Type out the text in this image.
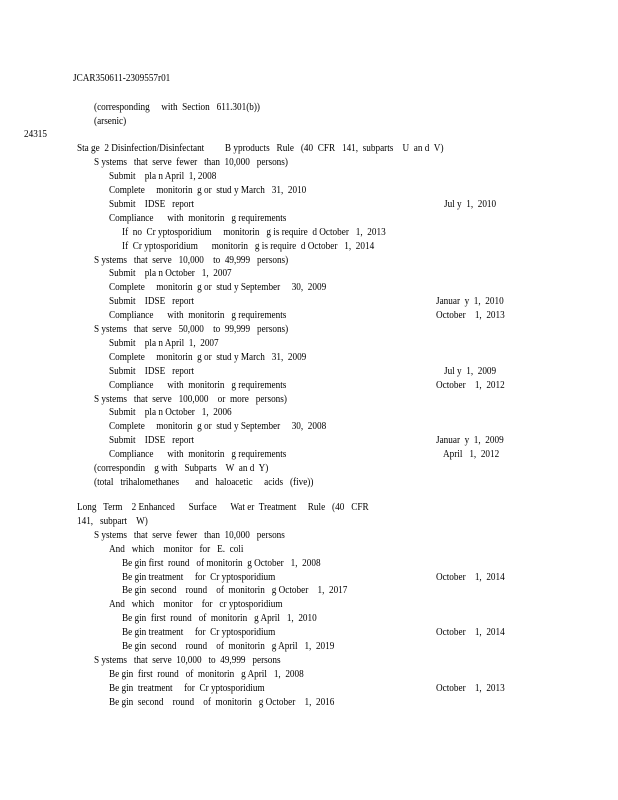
JCAR350611-2309557r01
24315
(corresponding     with  Section   611.301(b))
(arsenic)
Sta ge  2 Disinfection/Disinfectant         B yproducts   Rule   (40  CFR   141,  subparts    U  an d  V)
S ystems   that  serve  fewer   than  10,000   persons)
Submit    pla n April  1, 2008
Complete     monitorin  g or  stud y March   31,  2010
Submit    IDSE   report	Jul y  1,  2010
Compliance      with  monitorin   g requirements
If  no  Cr yptosporidium     monitorin   g is require  d October   1,  2013
If  Cr yptosporidium      monitorin   g is require  d October   1,  2014
S ystems   that  serve   10,000    to  49,999   persons)
Submit    pla n October   1,  2007
Complete     monitorin  g or  stud y September     30,  2009
Submit    IDSE   report	Januar  y  1,  2010
Compliance      with  monitorin   g requirements	October    1,  2013
S ystems   that  serve   50,000    to  99,999   persons)
Submit    pla n April  1,  2007
Complete     monitorin  g or  stud y March   31,  2009
Submit    IDSE   report	Jul y  1,  2009
Compliance      with  monitorin   g requirements	October    1,  2012
S ystems   that  serve   100,000    or  more   persons)
Submit    pla n October   1,  2006
Complete     monitorin  g or  stud y September     30,  2008
Submit    IDSE   report	Januar  y  1,  2009
Compliance      with  monitorin   g requirements	April   1,  2012
(correspondin    g with   Subparts    W  an d  Y)
(total   trihalomethanes       and   haloacetic     acids   (five))
Long   Term    2 Enhanced      Surface      Wat er  Treatment     Rule   (40   CFR
141,   subpart    W)
S ystems   that  serve  fewer   than  10,000   persons
And   which    monitor   for   E.  coli
Be gin first  round   of monitorin  g October   1,  2008
Be gin treatment     for  Cr yptosporidium	October    1,  2014
Be gin  second    round    of  monitorin   g October    1,  2017
And   which    monitor    for   cr yptosporidium
Be gin  first  round   of  monitorin   g April   1,  2010
Be gin treatment     for  Cr yptosporidium	October    1,  2014
Be gin  second    round    of  monitorin   g April   1,  2019
S ystems   that  serve  10,000   to  49,999   persons
Be gin  first  round   of  monitorin   g April   1,  2008
Be gin  treatment     for  Cr yptosporidium	October    1,  2013
Be gin  second    round    of  monitorin   g October    1,  2016
